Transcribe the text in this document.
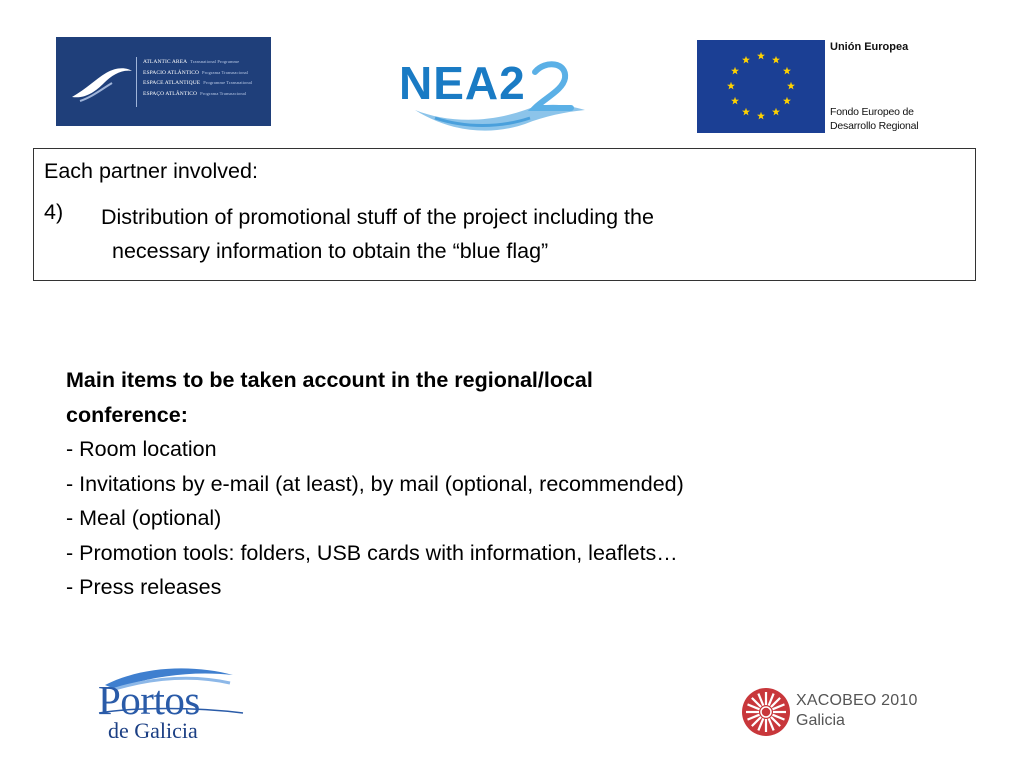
ATLANTIC AREA Transnational Programme
ESPACIO ATLÁNTICO Programa Transnacional
ESPACE ATLANTIQUE Programme Transnational
ESPAÇO ATLÂNTICO Programa Transnacional	NEA2
Unión Europea
Fondo Europeo de
Desarrollo Regional
Each partner involved:
4) Distribution of promotional stuff of the project including the
necessary information to obtain the “blue flag”
Main items to be taken account in the regional/local
conference:
- Room location
- Invitations by e-mail (at least), by mail (optional, recommended)
- Meal (optional)
- Promotion tools: folders, USB cards with information, leaflets…
- Press releases
Portos
de Galicia
XACOBEO 2010
Galicia
